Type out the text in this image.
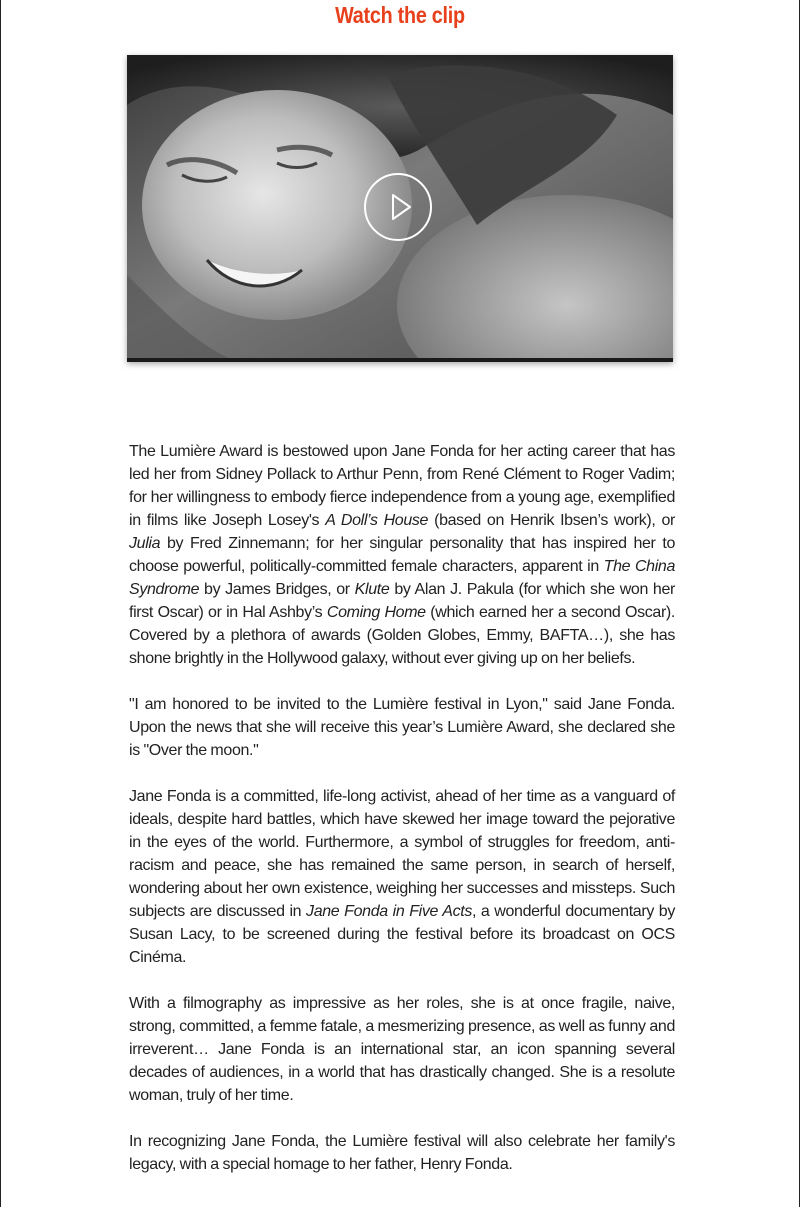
Watch the clip

The Lumière Award is bestowed upon Jane Fonda for her acting career that has led her from Sidney Pollack to Arthur Penn, from René Clément to Roger Vadim; for her willingness to embody fierce independence from a young age, exemplified in films like Joseph Losey's A Doll’s House (based on Henrik Ibsen’s work), or Julia by Fred Zinnemann; for her singular personality that has inspired her to choose powerful, politically-committed female characters, apparent in The China Syndrome by James Bridges, or Klute by Alan J. Pakula (for which she won her first Oscar) or in Hal Ashby’s Coming Home (which earned her a second Oscar). Covered by a plethora of awards (Golden Globes, Emmy, BAFTA…), she has shone brightly in the Hollywood galaxy, without ever giving up on her beliefs.

"I am honored to be invited to the Lumière festival in Lyon," said Jane Fonda. Upon the news that she will receive this year’s Lumière Award, she declared she is "Over the moon."

Jane Fonda is a committed, life-long activist, ahead of her time as a vanguard of ideals, despite hard battles, which have skewed her image toward the pejorative in the eyes of the world. Furthermore, a symbol of struggles for freedom, anti-racism and peace, she has remained the same person, in search of herself, wondering about her own existence, weighing her successes and missteps. Such subjects are discussed in Jane Fonda in Five Acts, a wonderful documentary by Susan Lacy, to be screened during the festival before its broadcast on OCS Cinéma.

With a filmography as impressive as her roles, she is at once fragile, naive, strong, committed, a femme fatale, a mesmerizing presence, as well as funny and irreverent… Jane Fonda is an international star, an icon spanning several decades of audiences, in a world that has drastically changed. She is a resolute woman, truly of her time.

In recognizing Jane Fonda, the Lumière festival will also celebrate her family's legacy, with a special homage to her father, Henry Fonda.
